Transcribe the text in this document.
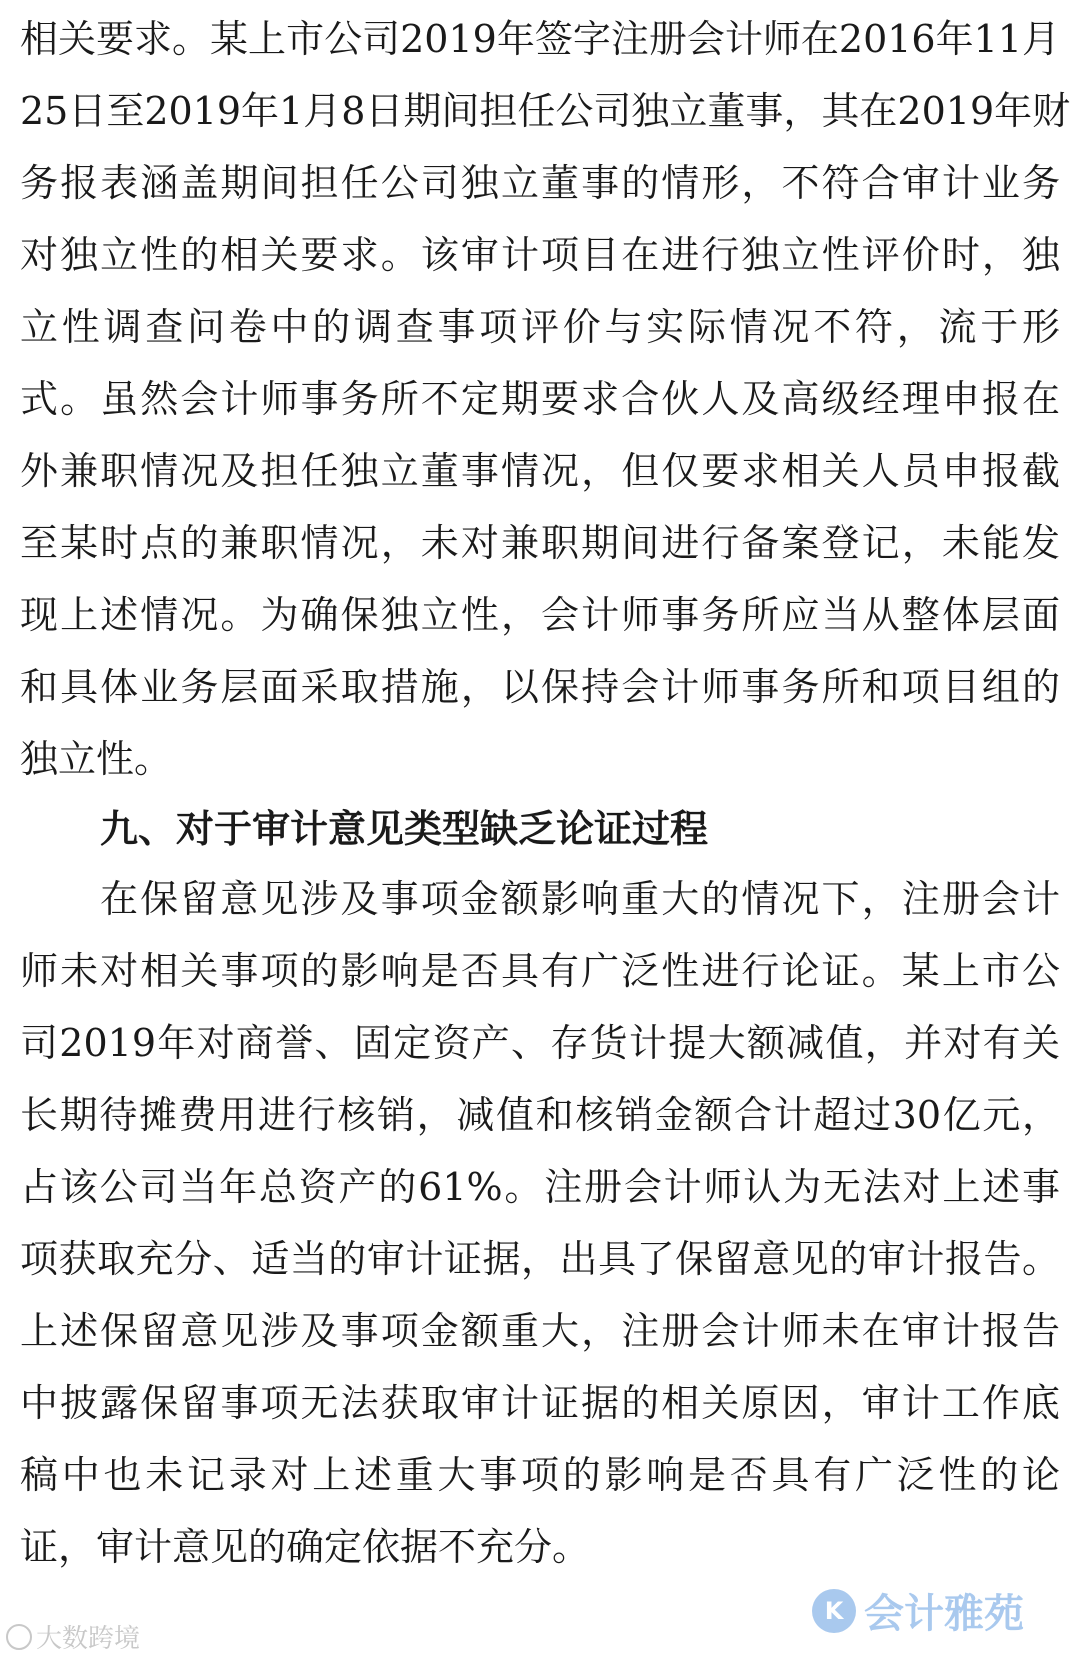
相关要求。某上市公司2019年签字注册会计师在2016年11月
25日至2019年1月8日期间担任公司独立董事，其在2019年财
务报表涵盖期间担任公司独立董事的情形，不符合审计业务
对独立性的相关要求。该审计项目在进行独立性评价时，独
立性调查问卷中的调查事项评价与实际情况不符，流于形
式。虽然会计师事务所不定期要求合伙人及高级经理申报在
外兼职情况及担任独立董事情况，但仅要求相关人员申报截
至某时点的兼职情况，未对兼职期间进行备案登记，未能发
现上述情况。为确保独立性，会计师事务所应当从整体层面
和具体业务层面采取措施，以保持会计师事务所和项目组的
独立性。
九、对于审计意见类型缺乏论证过程
在保留意见涉及事项金额影响重大的情况下，注册会计
师未对相关事项的影响是否具有广泛性进行论证。某上市公
司2019年对商誉、固定资产、存货计提大额减值，并对有关
长期待摊费用进行核销，减值和核销金额合计超过30亿元，
占该公司当年总资产的61%。注册会计师认为无法对上述事
项获取充分、适当的审计证据，出具了保留意见的审计报告。
上述保留意见涉及事项金额重大，注册会计师未在审计报告
中披露保留事项无法获取审计证据的相关原因，审计工作底
稿中也未记录对上述重大事项的影响是否具有广泛性的论
证，审计意见的确定依据不充分。
大数跨境
K 会计雅苑
